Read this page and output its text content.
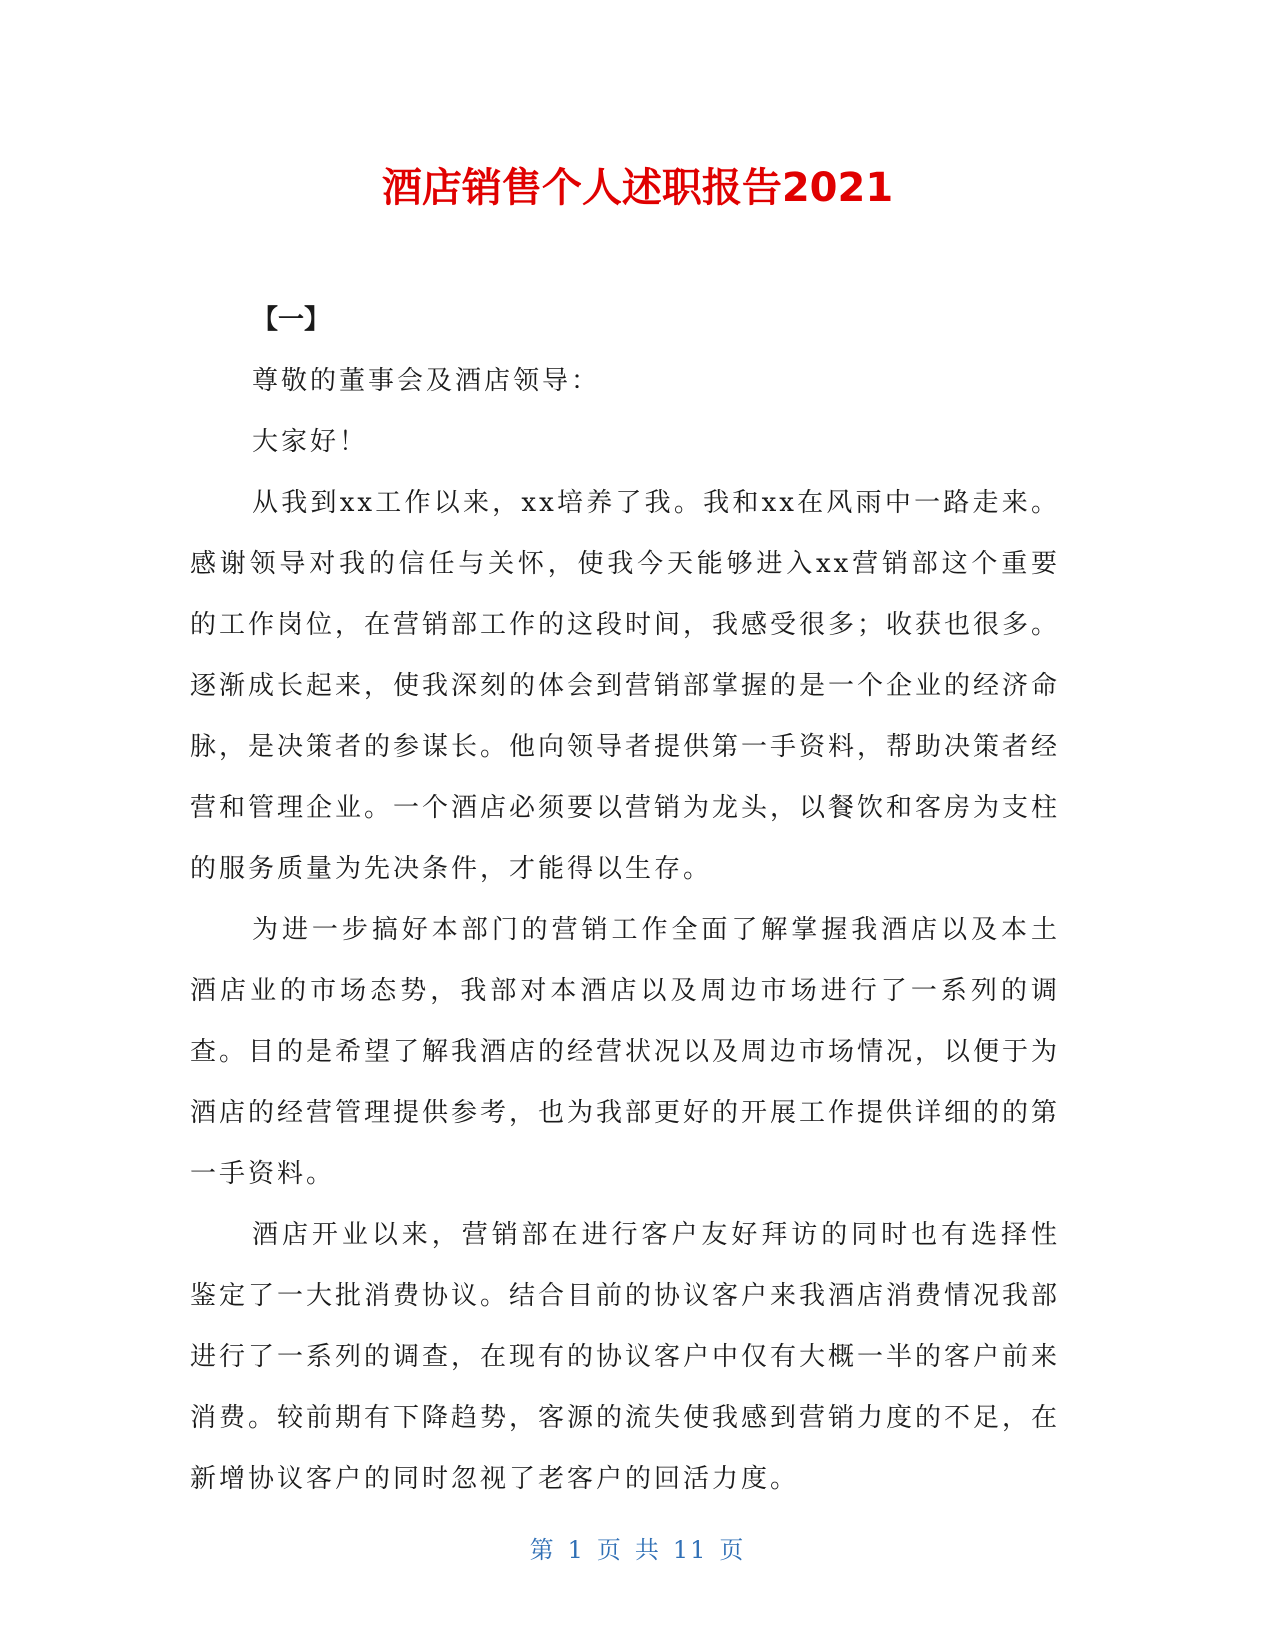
酒店销售个人述职报告2021

【一】

尊敬的董事会及酒店领导：

大家好！

从我到xx工作以来，xx培养了我。我和xx在风雨中一路走来。感谢领导对我的信任与关怀，使我今天能够进入xx营销部这个重要的工作岗位，在营销部工作的这段时间，我感受很多；收获也很多。逐渐成长起来，使我深刻的体会到营销部掌握的是一个企业的经济命脉，是决策者的参谋长。他向领导者提供第一手资料，帮助决策者经营和管理企业。一个酒店必须要以营销为龙头，以餐饮和客房为支柱的服务质量为先决条件，才能得以生存。

为进一步搞好本部门的营销工作全面了解掌握我酒店以及本土酒店业的市场态势，我部对本酒店以及周边市场进行了一系列的调查。目的是希望了解我酒店的经营状况以及周边市场情况，以便于为酒店的经营管理提供参考，也为我部更好的开展工作提供详细的的第一手资料。

酒店开业以来，营销部在进行客户友好拜访的同时也有选择性鉴定了一大批消费协议。结合目前的协议客户来我酒店消费情况我部进行了一系列的调查，在现有的协议客户中仅有大概一半的客户前来消费。较前期有下降趋势，客源的流失使我感到营销力度的不足，在新增协议客户的同时忽视了老客户的回活力度。

第 1 页 共 11 页
